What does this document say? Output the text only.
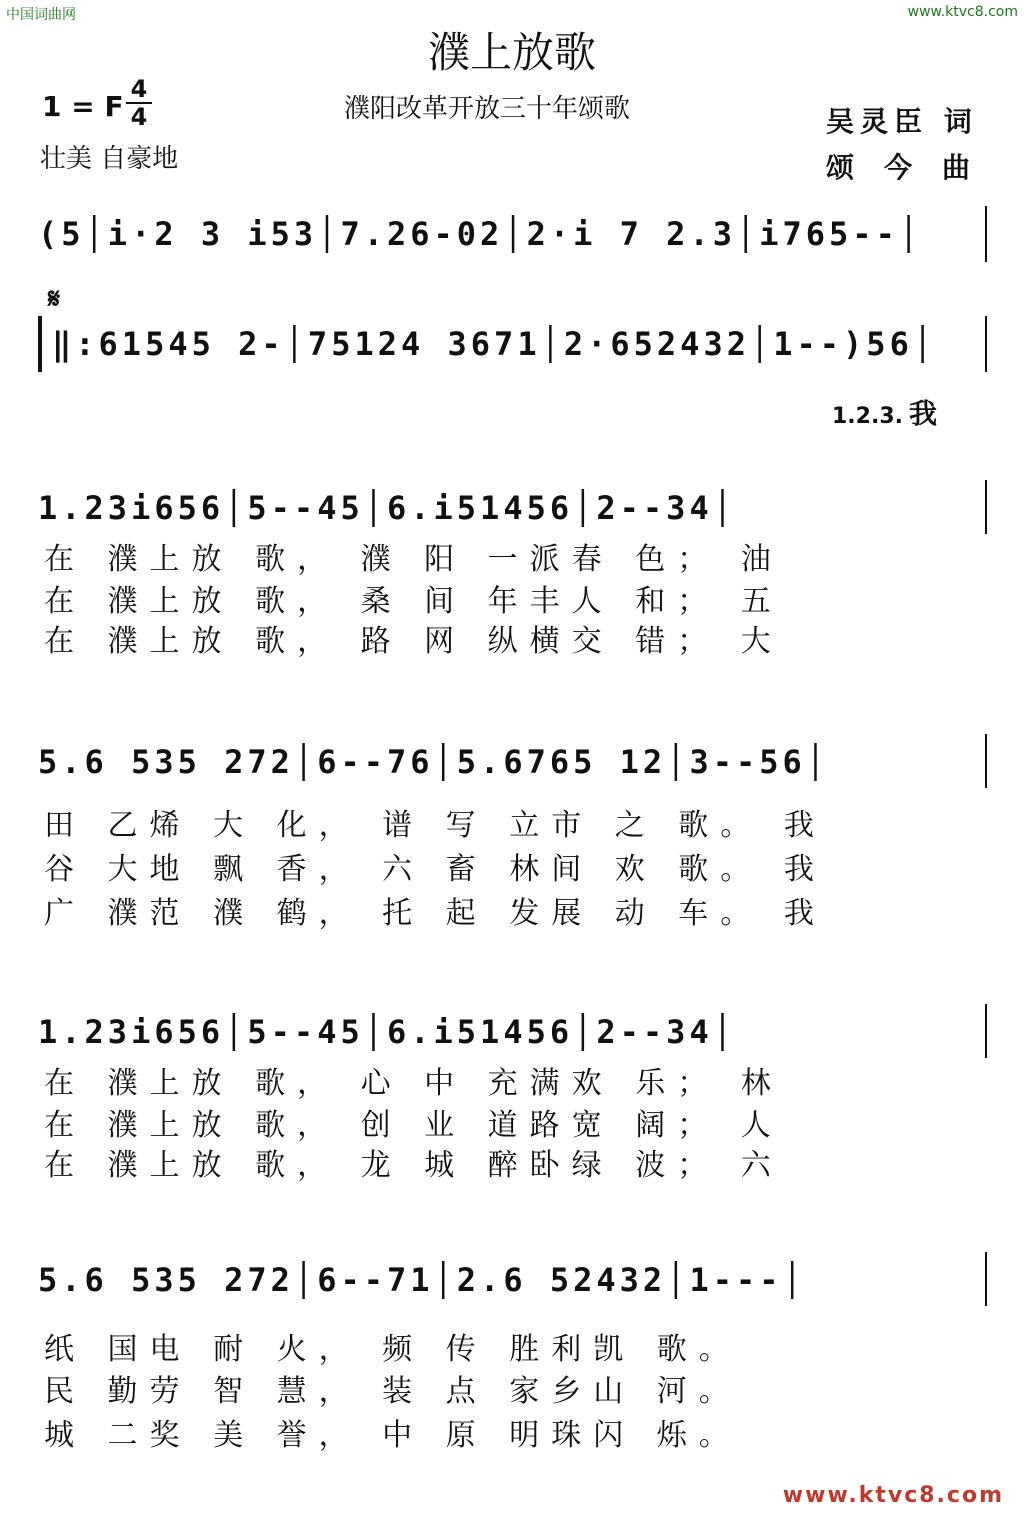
中国词曲网	www.ktvc8.com
濮上放歌
濮阳改革开放三十年颂歌
1 = F
4
4
壮美 自豪地
吴灵臣 词
颂今曲
(5│i·2 3 i53│7.26-02│2·i 7 2.3│i765--│
𝄋
‖:61545 2-│75124 3671│2·652432│1--)56│
1.2.3. 我
1.23i656│5--45│6.i51456│2--34│
在 濮上放 歌， 濮 阳 一派春 色； 油
在 濮上放 歌， 桑 间 年丰人 和； 五
在 濮上放 歌， 路 网 纵横交 错； 大
5.6 535 272│6--76│5.6765 12│3--56│
田 乙烯 大 化， 谱 写 立市 之 歌。 我
谷 大地 飘 香， 六 畜 林间 欢 歌。 我
广 濮范 濮 鹤， 托 起 发展 动 车。 我
1.23i656│5--45│6.i51456│2--34│
在 濮上放 歌， 心 中 充满欢 乐； 林
在 濮上放 歌， 创 业 道路宽 阔； 人
在 濮上放 歌， 龙 城 醉卧绿 波； 六
5.6 535 272│6--71│2.6 52432│1---│
纸 国电 耐 火， 频 传 胜利凯 歌。
民 勤劳 智 慧， 装 点 家乡山 河。
城 二奖 美 誉， 中 原 明珠闪 烁。
www.ktvc8.com
